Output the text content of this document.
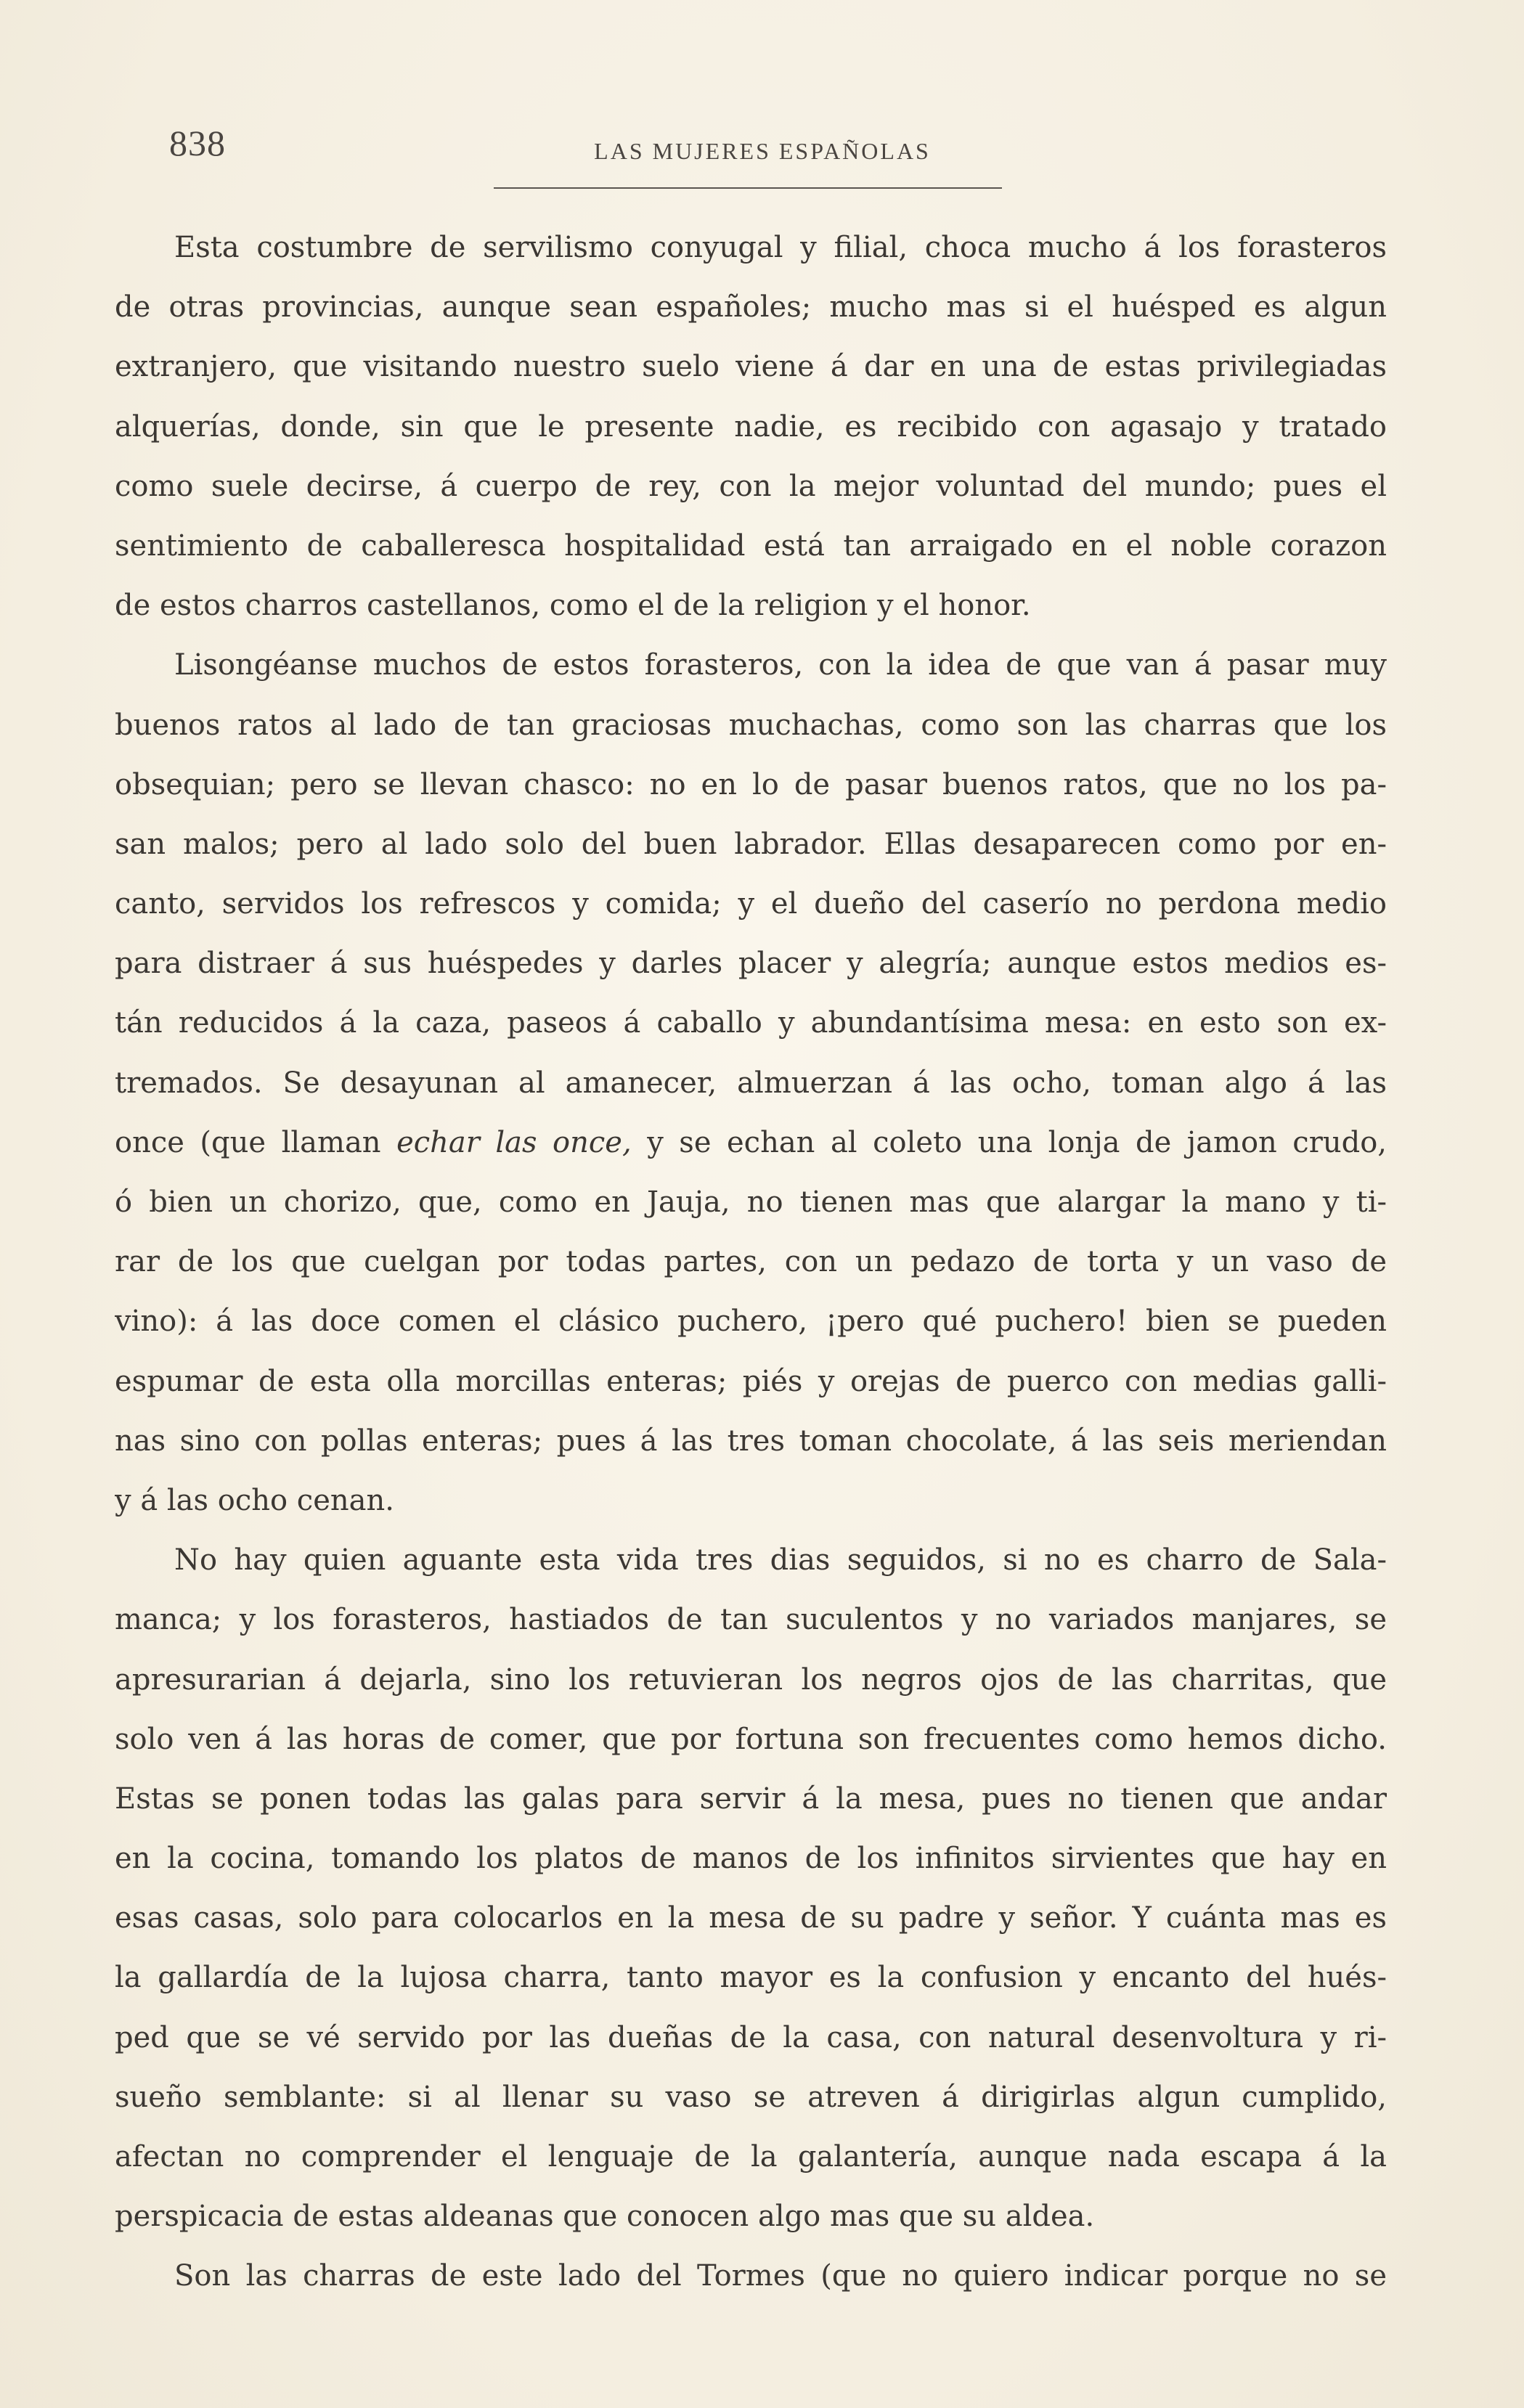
838	LAS MUJERES ESPAÑOLAS
Esta costumbre de servilismo conyugal y filial, choca mucho á los forasteros
de otras provincias, aunque sean españoles; mucho mas si el huésped es algun
extranjero, que visitando nuestro suelo viene á dar en una de estas privilegiadas
alquerías, donde, sin que le presente nadie, es recibido con agasajo y tratado
como suele decirse, á cuerpo de rey, con la mejor voluntad del mundo; pues el
sentimiento de caballeresca hospitalidad está tan arraigado en el noble corazon
de estos charros castellanos, como el de la religion y el honor.
Lisongéanse muchos de estos forasteros, con la idea de que van á pasar muy
buenos ratos al lado de tan graciosas muchachas, como son las charras que los
obsequian; pero se llevan chasco: no en lo de pasar buenos ratos, que no los pa-
san malos; pero al lado solo del buen labrador. Ellas desaparecen como por en-
canto, servidos los refrescos y comida; y el dueño del caserío no perdona medio
para distraer á sus huéspedes y darles placer y alegría; aunque estos medios es-
tán reducidos á la caza, paseos á caballo y abundantísima mesa: en esto son ex-
tremados. Se desayunan al amanecer, almuerzan á las ocho, toman algo á las
once (que llaman echar las once, y se echan al coleto una lonja de jamon crudo,
ó bien un chorizo, que, como en Jauja, no tienen mas que alargar la mano y ti-
rar de los que cuelgan por todas partes, con un pedazo de torta y un vaso de
vino): á las doce comen el clásico puchero, ¡pero qué puchero! bien se pueden
espumar de esta olla morcillas enteras; piés y orejas de puerco con medias galli-
nas sino con pollas enteras; pues á las tres toman chocolate, á las seis meriendan
y á las ocho cenan.
No hay quien aguante esta vida tres dias seguidos, si no es charro de Sala-
manca; y los forasteros, hastiados de tan suculentos y no variados manjares, se
apresurarian á dejarla, sino los retuvieran los negros ojos de las charritas, que
solo ven á las horas de comer, que por fortuna son frecuentes como hemos dicho.
Estas se ponen todas las galas para servir á la mesa, pues no tienen que andar
en la cocina, tomando los platos de manos de los infinitos sirvientes que hay en
esas casas, solo para colocarlos en la mesa de su padre y señor. Y cuánta mas es
la gallardía de la lujosa charra, tanto mayor es la confusion y encanto del hués-
ped que se vé servido por las dueñas de la casa, con natural desenvoltura y ri-
sueño semblante: si al llenar su vaso se atreven á dirigirlas algun cumplido,
afectan no comprender el lenguaje de la galantería, aunque nada escapa á la
perspicacia de estas aldeanas que conocen algo mas que su aldea.
Son las charras de este lado del Tormes (que no quiero indicar porque no se
